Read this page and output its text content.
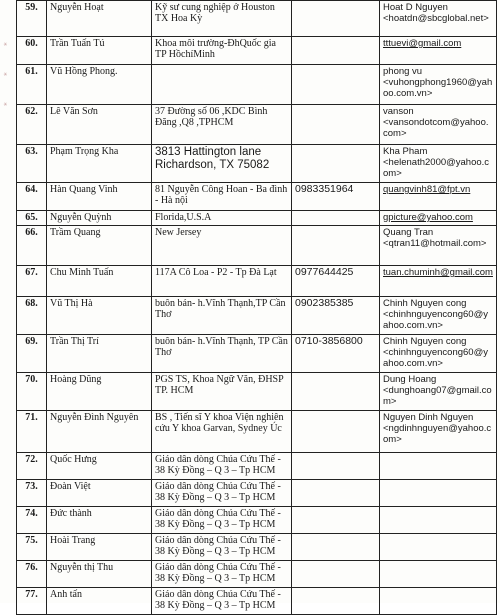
∗
∗
∗
59.	Nguyễn Hoạt	Kỹ sư cung nghiệp ở Houston TX Hoa Kỳ		Hoat D Nguyen
<hoatdn@sbcglobal.net>

60.	Trần Tuấn Tú	Khoa môi trường-ĐhQuốc gia TP HồchíMinh		tttuevi@gmail.com

61.	Vũ Hồng Phong.			phong vu
<vuhongphong1960@yahoo.com.vn>

62.	Lê Văn Sơn	37 Đường số 06 ,KDC Bình Đăng ,Q8 ,TPHCM		vanson
<vansondotcom@yahoo.com>

63.	Phạm Trọng Kha	3813 Hattington lane Richardson, TX 75082		Kha Pham
<helenath2000@yahoo.com>

64.	Hàn Quang Vinh	81 Nguyễn Công Hoan - Ba đình - Hà nội	0983351964	quangvinh81@fpt.vn

65.	Nguyễn Quỳnh	Florida,U.S.A		gpicture@yahoo.com

66.	Trầm Quang	New Jersey		Quang Tran
<qtran11@hotmail.com>

67.	Chu Minh Tuấn	117A Cô Loa - P2 - Tp Đà Lạt	0977644425	tuan.chuminh@gmail.com

68.	Vũ Thị Hà	buôn bán- h.Vĩnh Thạnh,TP Cần Thơ	0902385385	Chinh Nguyen cong
<chinhnguyencong60@yahoo.com.vn>

69.	Trần Thị Trí	buôn bán- h.Vĩnh Thạnh, TP Cần Thơ	0710-3856800	Chinh Nguyen cong
<chinhnguyencong60@yahoo.com.vn>

70.	Hoàng Dũng	PGS TS, Khoa Ngữ Văn, ĐHSP TP. HCM		Dung Hoang
<dunghoang07@gmail.com>

71.	Nguyễn Đình Nguyên	BS , Tiến sĩ Y khoa Viện nghiên cứu Y khoa Garvan, Sydney Úc		Nguyen Dinh Nguyen
<ngdinhnguyen@yahoo.com>

72.	Quốc Hưng	Giáo dân dòng Chúa Cứu Thế - 38 Kỳ Đồng – Q 3 – Tp HCM		
73.	Đoàn Việt	Giáo dân dòng Chúa Cứu Thế - 38 Kỳ Đồng – Q 3 – Tp HCM		
74.	Đức thành	Giáo dân dòng Chúa Cứu Thế - 38 Kỳ Đồng – Q 3 – Tp HCM		
75.	Hoài Trang	Giáo dân dòng Chúa Cứu Thế - 38 Kỳ Đồng – Q 3 – Tp HCM		
76.	Nguyễn thị Thu	Giáo dân dòng Chúa Cứu Thế - 38 Kỳ Đồng – Q 3 – Tp HCM		
77.	Anh tấn	Giáo dân dòng Chúa Cứu Thế - 38 Kỳ Đồng – Q 3 – Tp HCM		
